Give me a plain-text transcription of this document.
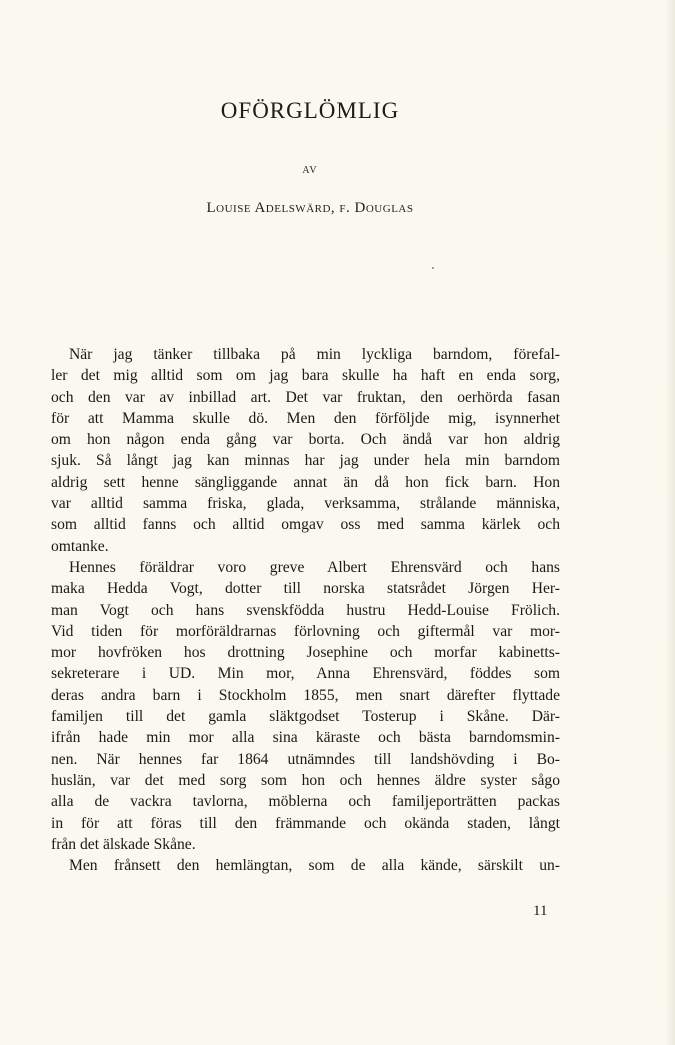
OFÖRGLÖMLIG
AV
Louise Adelswärd, f. Douglas
När jag tänker tillbaka på min lyckliga barndom, förefal-
ler det mig alltid som om jag bara skulle ha haft en enda sorg,
och den var av inbillad art. Det var fruktan, den oerhörda fasan
för att Mamma skulle dö. Men den förföljde mig, isynnerhet
om hon någon enda gång var borta. Och ändå var hon aldrig
sjuk. Så långt jag kan minnas har jag under hela min barndom
aldrig sett henne sängliggande annat än då hon fick barn. Hon
var alltid samma friska, glada, verksamma, strålande människa,
som alltid fanns och alltid omgav oss med samma kärlek och
omtanke.
Hennes föräldrar voro greve Albert Ehrensvärd och hans
maka Hedda Vogt, dotter till norska statsrådet Jörgen Her-
man Vogt och hans svenskfödda hustru Hedd-Louise Frölich.
Vid tiden för morföräldrarnas förlovning och giftermål var mor-
mor hovfröken hos drottning Josephine och morfar kabinetts-
sekreterare i UD. Min mor, Anna Ehrensvärd, föddes som
deras andra barn i Stockholm 1855, men snart därefter flyttade
familjen till det gamla släktgodset Tosterup i Skåne. Där-
ifrån hade min mor alla sina käraste och bästa barndomsmin-
nen. När hennes far 1864 utnämndes till landshövding i Bo-
huslän, var det med sorg som hon och hennes äldre syster sågo
alla de vackra tavlorna, möblerna och familjeporträtten packas
in för att föras till den främmande och okända staden, långt
från det älskade Skåne.
Men frånsett den hemlängtan, som de alla kände, särskilt un-
11
